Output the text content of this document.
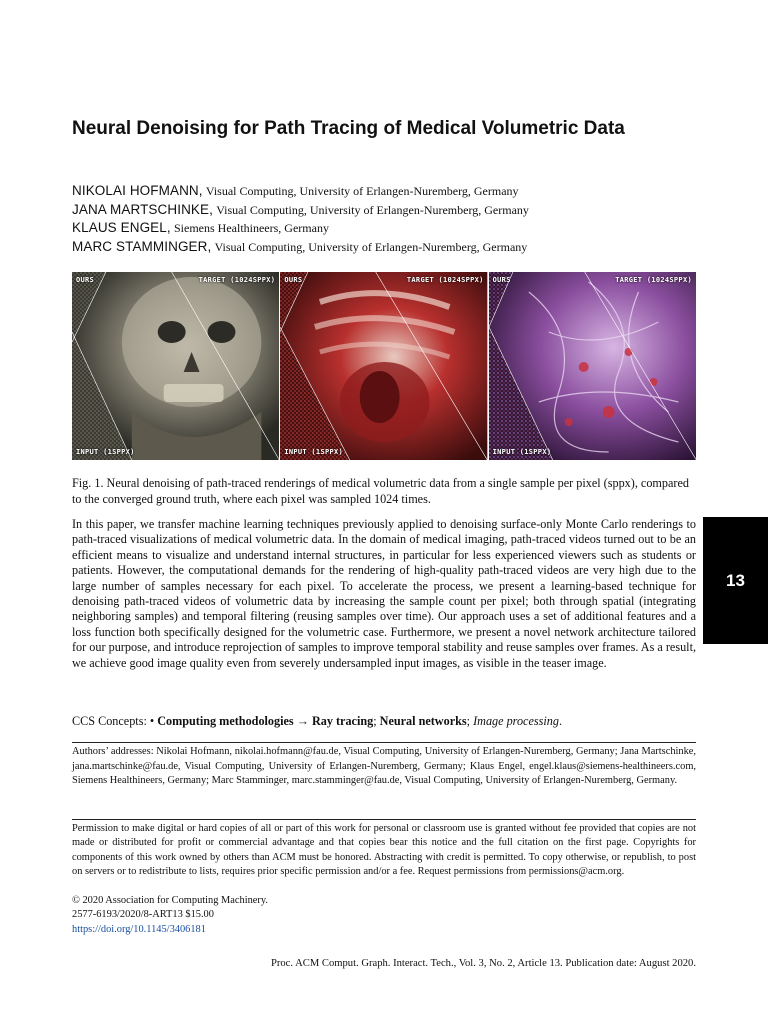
Neural Denoising for Path Tracing of Medical Volumetric Data
NIKOLAI HOFMANN, Visual Computing, University of Erlangen-Nuremberg, Germany
JANA MARTSCHINKE, Visual Computing, University of Erlangen-Nuremberg, Germany
KLAUS ENGEL, Siemens Healthineers, Germany
MARC STAMMINGER, Visual Computing, University of Erlangen-Nuremberg, Germany
OURS	TARGET (1024SPPX)
INPUT (1SPPX)
OURS	TARGET (1024SPPX)
INPUT (1SPPX)
OURS	TARGET (1024SPPX)
INPUT (1SPPX)

Fig. 1. Neural denoising of path-traced renderings of medical volumetric data from a single sample per pixel (sppx), compared to the converged ground truth, where each pixel was sampled 1024 times.

In this paper, we transfer machine learning techniques previously applied to denoising surface-only Monte Carlo renderings to path-traced visualizations of medical volumetric data. In the domain of medical imaging, path-traced videos turned out to be an efficient means to visualize and understand internal structures, in particular for less experienced viewers such as students or patients. However, the computational demands for the rendering of high-quality path-traced videos are very high due to the large number of samples necessary for each pixel. To accelerate the process, we present a learning-based technique for denoising path-traced videos of volumetric data by increasing the sample count per pixel; both through spatial (integrating neighboring samples) and temporal filtering (reusing samples over time). Our approach uses a set of additional features and a loss function both specifically designed for the volumetric case. Furthermore, we present a novel network architecture tailored for our purpose, and introduce reprojection of samples to improve temporal stability and reuse samples over frames. As a result, we achieve good image quality even from severely undersampled input images, as visible in the teaser image.

CCS Concepts: • Computing methodologies → Ray tracing; Neural networks; Image processing.

Authors’ addresses: Nikolai Hofmann, nikolai.hofmann@fau.de, Visual Computing, University of Erlangen-Nuremberg, Germany; Jana Martschinke, jana.martschinke@fau.de, Visual Computing, University of Erlangen-Nuremberg, Germany; Klaus Engel, engel.klaus@siemens-healthineers.com, Siemens Healthineers, Germany; Marc Stamminger, marc.stamminger@fau.de, Visual Computing, University of Erlangen-Nuremberg, Germany.

Permission to make digital or hard copies of all or part of this work for personal or classroom use is granted without fee provided that copies are not made or distributed for profit or commercial advantage and that copies bear this notice and the full citation on the first page. Copyrights for components of this work owned by others than ACM must be honored. Abstracting with credit is permitted. To copy otherwise, or republish, to post on servers or to redistribute to lists, requires prior specific permission and/or a fee. Request permissions from permissions@acm.org.

© 2020 Association for Computing Machinery.
2577-6193/2020/8-ART13 $15.00
https://doi.org/10.1145/3406181
Proc. ACM Comput. Graph. Interact. Tech., Vol. 3, No. 2, Article 13. Publication date: August 2020.
13
